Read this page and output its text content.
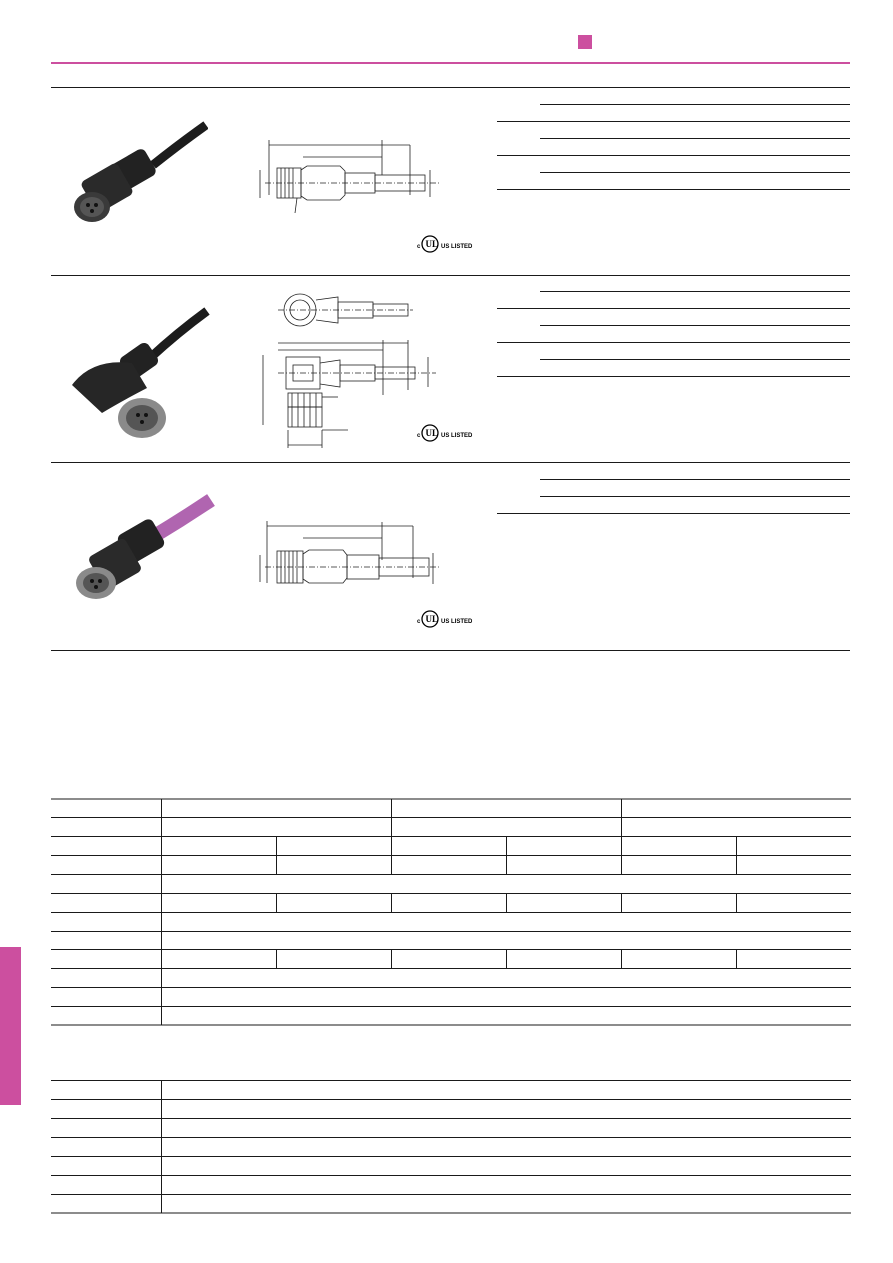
c UL US LISTED
c UL US LISTED
c UL US LISTED
